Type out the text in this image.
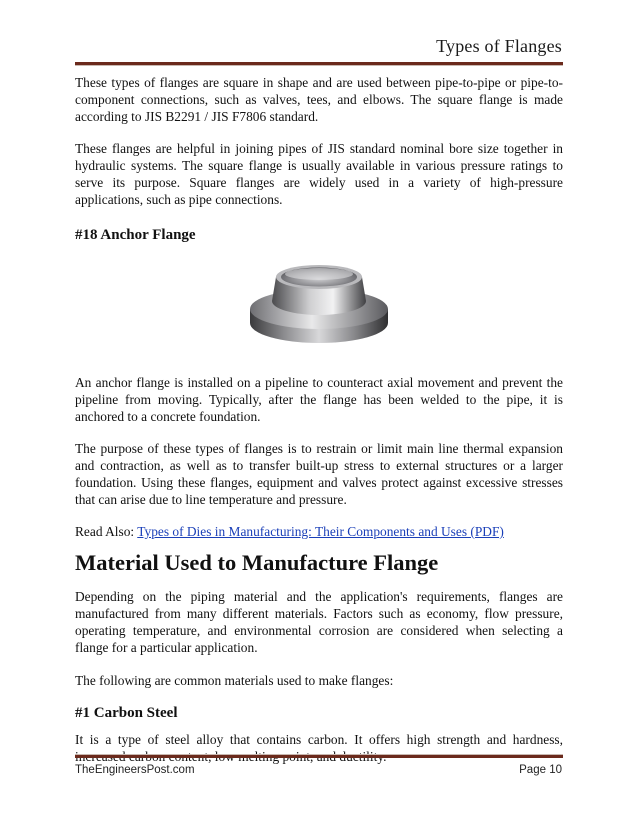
Types of Flanges

These types of flanges are square in shape and are used between pipe-to-pipe or pipe-to-component connections, such as valves, tees, and elbows. The square flange is made according to JIS B2291 / JIS F7806 standard.

These flanges are helpful in joining pipes of JIS standard nominal bore size together in hydraulic systems. The square flange is usually available in various pressure ratings to serve its purpose. Square flanges are widely used in a variety of high-pressure applications, such as pipe connections.

#18 Anchor Flange

An anchor flange is installed on a pipeline to counteract axial movement and prevent the pipeline from moving. Typically, after the flange has been welded to the pipe, it is anchored to a concrete foundation.

The purpose of these types of flanges is to restrain or limit main line thermal expansion and contraction, as well as to transfer built-up stress to external structures or a larger foundation. Using these flanges, equipment and valves protect against excessive stresses that can arise due to line temperature and pressure.

Read Also: Types of Dies in Manufacturing: Their Components and Uses (PDF)

Material Used to Manufacture Flange

Depending on the piping material and the application's requirements, flanges are manufactured from many different materials. Factors such as economy, flow pressure, operating temperature, and environmental corrosion are considered when selecting a flange for a particular application.

The following are common materials used to make flanges:

#1 Carbon Steel

It is a type of steel alloy that contains carbon. It offers high strength and hardness,

TheEngineersPost.com	Page 10
